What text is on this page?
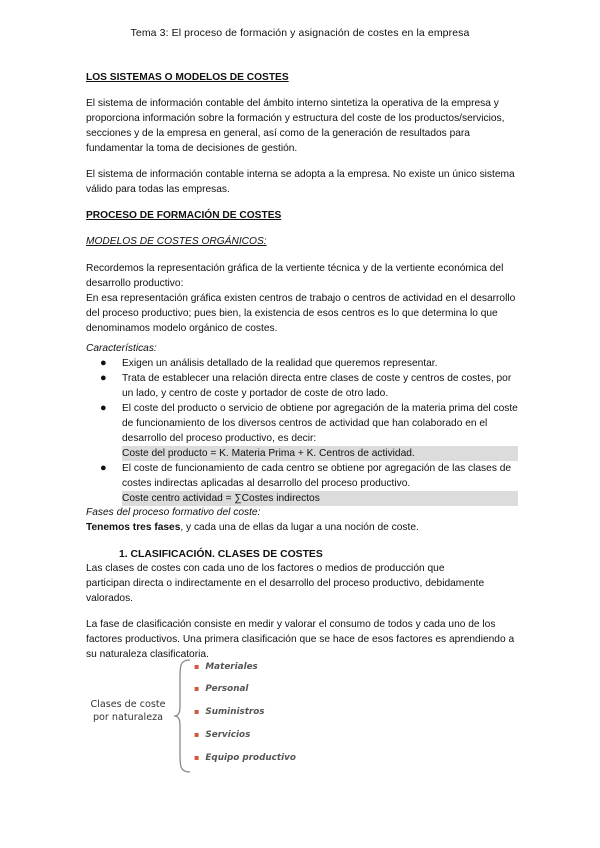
Tema 3: El proceso de formación y asignación de costes en la empresa

LOS SISTEMAS O MODELOS DE COSTES

El sistema de información contable del ámbito interno sintetiza la operativa de la empresa y

proporciona información sobre la formación y estructura del coste de los productos/servicios,

secciones y de la empresa en general, así como de la generación de resultados para

fundamentar la toma de decisiones de gestión.

El sistema de información contable interna se adopta a la empresa. No existe un único sistema

válido para todas las empresas.

PROCESO DE FORMACIÓN DE COSTES

MODELOS DE COSTES ORGÁNICOS:

Recordemos la representación gráfica de la vertiente técnica y de la vertiente económica del

desarrollo productivo:

En esa representación gráfica existen centros de trabajo o centros de actividad en el desarrollo

del proceso productivo; pues bien, la existencia de esos centros es lo que determina lo que

denominamos modelo orgánico de costes.

Características:

● Exigen un análisis detallado de la realidad que queremos representar.
● Trata de establecer una relación directa entre clases de coste y centros de costes, por
un lado, y centro de coste y portador de coste de otro lado.
● El coste del producto o servicio de obtiene por agregación de la materia prima del coste
de funcionamiento de los diversos centros de actividad que han colaborado en el
desarrollo del proceso productivo, es decir:
Coste del producto = K. Materia Prima + K. Centros de actividad.
● El coste de funcionamiento de cada centro se obtiene por agregación de las clases de
costes indirectas aplicadas al desarrollo del proceso productivo.
Coste centro actividad = ∑Costes indirectos

Fases del proceso formativo del coste:

Tenemos tres fases, y cada una de ellas da lugar a una noción de coste.

1. CLASIFICACIÓN. CLASES DE COSTES

Las clases de costes con cada uno de los factores o medios de producción que

participan directa o indirectamente en el desarrollo del proceso productivo, debidamente

valorados.

La fase de clasificación consiste en medir y valorar el consumo de todos y cada uno de los

factores productivos. Una primera clasificación que se hace de esos factores es aprendiendo a

su naturaleza clasificatoria.

Clases de coste
por naturaleza
▪ Materiales
▪ Personal
▪ Suministros
▪ Servicios
▪ Equipo productivo
